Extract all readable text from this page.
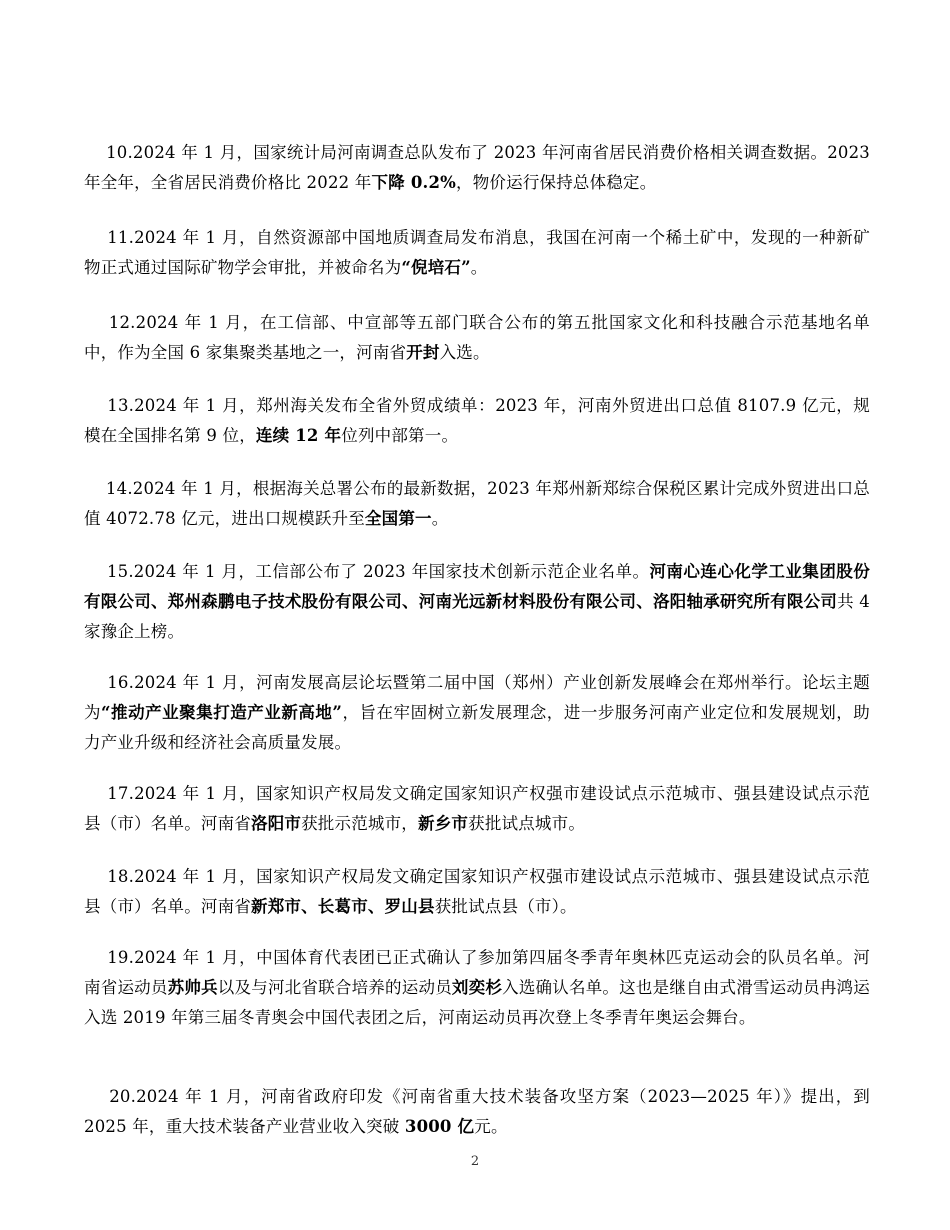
10.2024 年 1 月，国家统计局河南调查总队发布了 2023 年河南省居民消费价格相关调查数据。2023 年全年，全省居民消费价格比 2022 年下降 0.2%，物价运行保持总体稳定。

11.2024 年 1 月，自然资源部中国地质调查局发布消息，我国在河南一个稀土矿中，发现的一种新矿物正式通过国际矿物学会审批，并被命名为“倪培石”。

12.2024 年 1 月，在工信部、中宣部等五部门联合公布的第五批国家文化和科技融合示范基地名单中，作为全国 6 家集聚类基地之一，河南省开封入选。

13.2024 年 1 月，郑州海关发布全省外贸成绩单：2023 年，河南外贸进出口总值 8107.9 亿元，规模在全国排名第 9 位，连续 12 年位列中部第一。

14.2024 年 1 月，根据海关总署公布的最新数据，2023 年郑州新郑综合保税区累计完成外贸进出口总值 4072.78 亿元，进出口规模跃升至全国第一。

15.2024 年 1 月，工信部公布了 2023 年国家技术创新示范企业名单。河南心连心化学工业集团股份有限公司、郑州森鹏电子技术股份有限公司、河南光远新材料股份有限公司、洛阳轴承研究所有限公司共 4 家豫企上榜。

16.2024 年 1 月，河南发展高层论坛暨第二届中国（郑州）产业创新发展峰会在郑州举行。论坛主题为“推动产业聚集打造产业新高地”，旨在牢固树立新发展理念，进一步服务河南产业定位和发展规划，助力产业升级和经济社会高质量发展。

17.2024 年 1 月，国家知识产权局发文确定国家知识产权强市建设试点示范城市、强县建设试点示范县（市）名单。河南省洛阳市获批示范城市，新乡市获批试点城市。

18.2024 年 1 月，国家知识产权局发文确定国家知识产权强市建设试点示范城市、强县建设试点示范县（市）名单。河南省新郑市、长葛市、罗山县获批试点县（市）。

19.2024 年 1 月，中国体育代表团已正式确认了参加第四届冬季青年奥林匹克运动会的队员名单。河南省运动员苏帅兵以及与河北省联合培养的运动员刘奕杉入选确认名单。这也是继自由式滑雪运动员冉鸿运入选 2019 年第三届冬青奥会中国代表团之后，河南运动员再次登上冬季青年奥运会舞台。

20.2024 年 1 月，河南省政府印发《河南省重大技术装备攻坚方案（2023—2025 年）》提出，到 2025 年，重大技术装备产业营业收入突破 3000 亿元。

2
